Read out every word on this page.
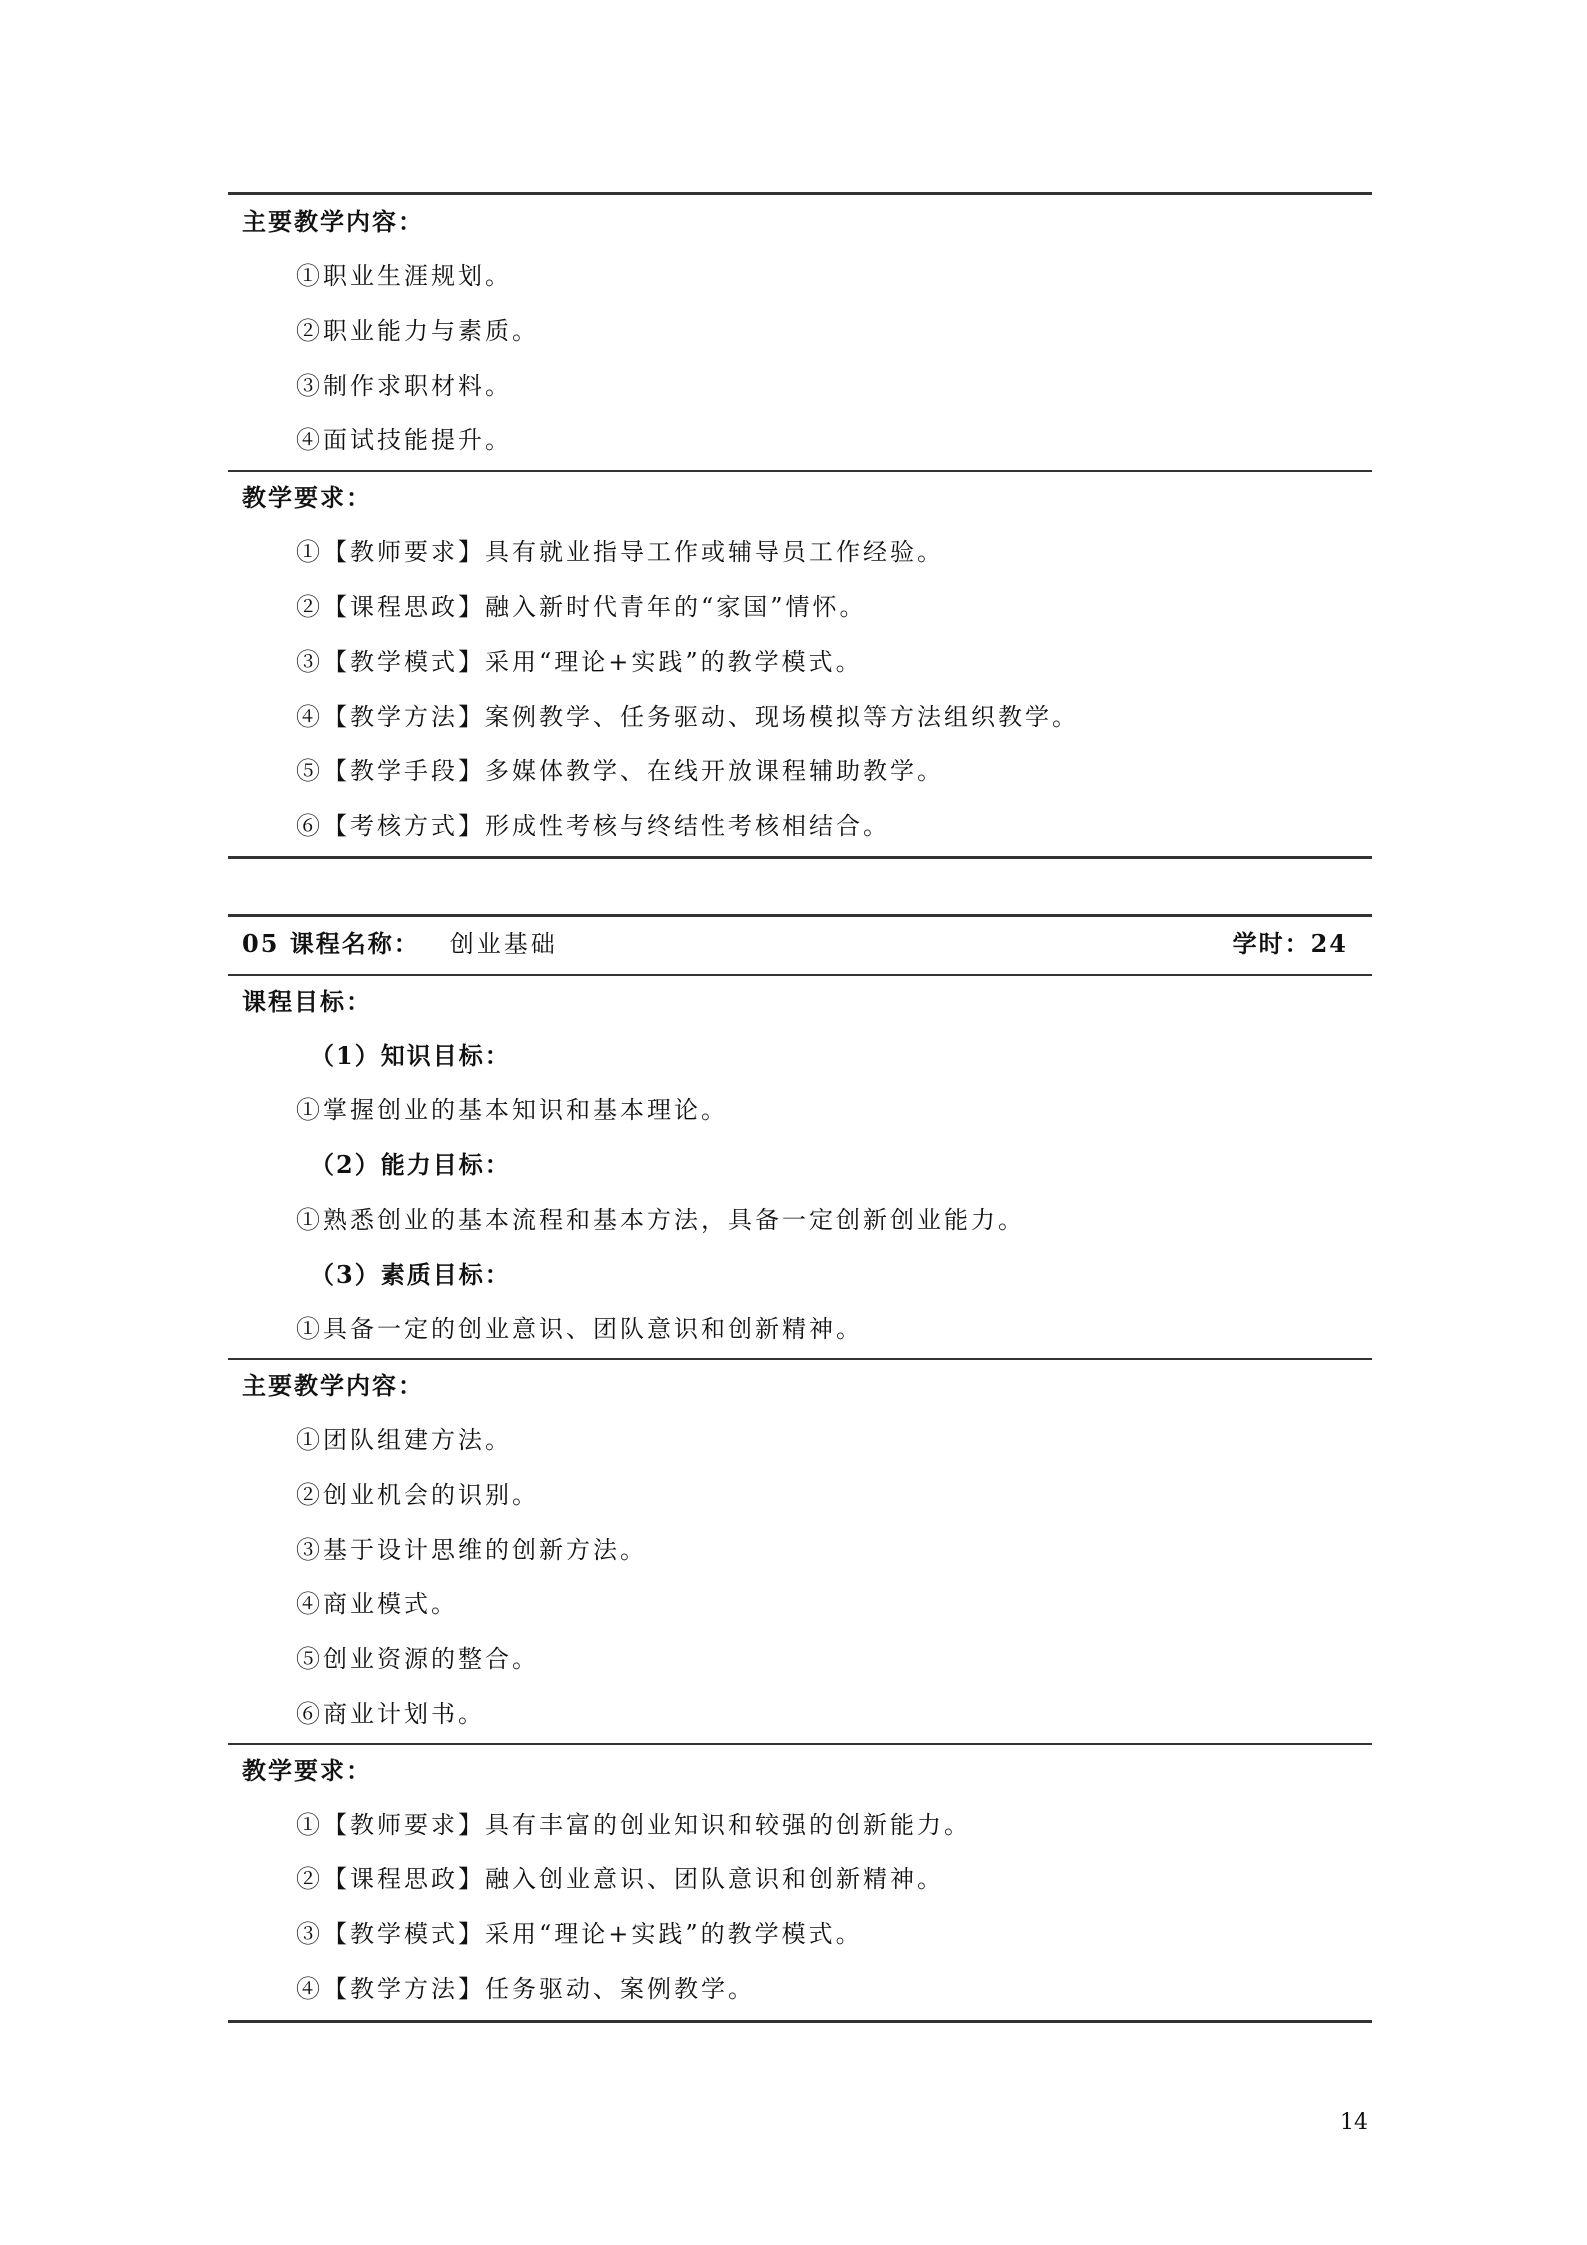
主要教学内容：
①职业生涯规划。
②职业能力与素质。
③制作求职材料。
④面试技能提升。
教学要求：
①【教师要求】具有就业指导工作或辅导员工作经验。
②【课程思政】融入新时代青年的“家国”情怀。
③【教学模式】采用“理论+实践”的教学模式。
④【教学方法】案例教学、任务驱动、现场模拟等方法组织教学。
⑤【教学手段】多媒体教学、在线开放课程辅助教学。
⑥【考核方式】形成性考核与终结性考核相结合。
05 课程名称： 创业基础	学时：24
课程目标：
（1）知识目标：
①掌握创业的基本知识和基本理论。
（2）能力目标：
①熟悉创业的基本流程和基本方法，具备一定创新创业能力。
（3）素质目标：
①具备一定的创业意识、团队意识和创新精神。
主要教学内容：
①团队组建方法。
②创业机会的识别。
③基于设计思维的创新方法。
④商业模式。
⑤创业资源的整合。
⑥商业计划书。
教学要求：
①【教师要求】具有丰富的创业知识和较强的创新能力。
②【课程思政】融入创业意识、团队意识和创新精神。
③【教学模式】采用“理论+实践”的教学模式。
④【教学方法】任务驱动、案例教学。
14
